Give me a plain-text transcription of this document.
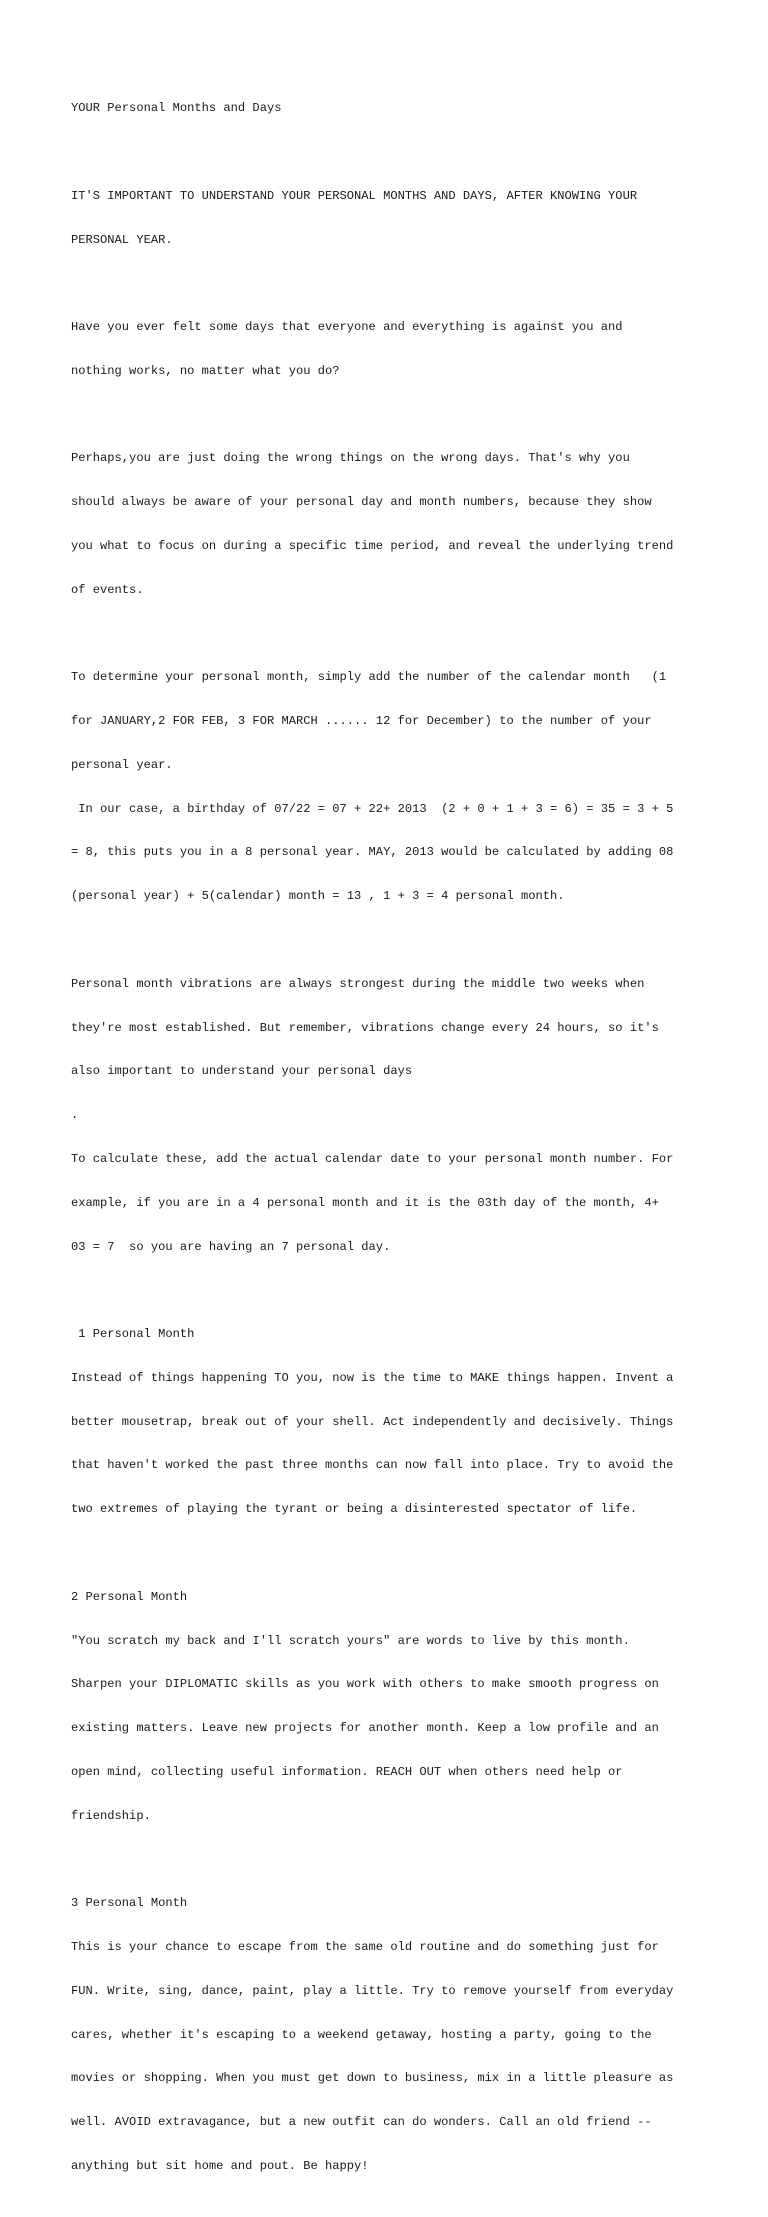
YOUR Personal Months and Days

IT'S IMPORTANT TO UNDERSTAND YOUR PERSONAL MONTHS AND DAYS, AFTER KNOWING YOUR

PERSONAL YEAR.

Have you ever felt some days that everyone and everything is against you and

nothing works, no matter what you do?

Perhaps,you are just doing the wrong things on the wrong days. That's why you

should always be aware of your personal day and month numbers, because they show

you what to focus on during a specific time period, and reveal the underlying trend

of events.

To determine your personal month, simply add the number of the calendar month   (1

for JANUARY,2 FOR FEB, 3 FOR MARCH ...... 12 for December) to the number of your

personal year.

In our case, a birthday of 07/22 = 07 + 22+ 2013  (2 + 0 + 1 + 3 = 6) = 35 = 3 + 5

= 8, this puts you in a 8 personal year. MAY, 2013 would be calculated by adding 08

(personal year) + 5(calendar) month = 13 , 1 + 3 = 4 personal month.

Personal month vibrations are always strongest during the middle two weeks when

they're most established. But remember, vibrations change every 24 hours, so it's

also important to understand your personal days

.

To calculate these, add the actual calendar date to your personal month number. For

example, if you are in a 4 personal month and it is the 03th day of the month, 4+

03 = 7  so you are having an 7 personal day.

1 Personal Month

Instead of things happening TO you, now is the time to MAKE things happen. Invent a

better mousetrap, break out of your shell. Act independently and decisively. Things

that haven't worked the past three months can now fall into place. Try to avoid the

two extremes of playing the tyrant or being a disinterested spectator of life.

2 Personal Month

"You scratch my back and I'll scratch yours" are words to live by this month.

Sharpen your DIPLOMATIC skills as you work with others to make smooth progress on

existing matters. Leave new projects for another month. Keep a low profile and an

open mind, collecting useful information. REACH OUT when others need help or

friendship.

3 Personal Month

This is your chance to escape from the same old routine and do something just for

FUN. Write, sing, dance, paint, play a little. Try to remove yourself from everyday

cares, whether it's escaping to a weekend getaway, hosting a party, going to the

movies or shopping. When you must get down to business, mix in a little pleasure as

well. AVOID extravagance, but a new outfit can do wonders. Call an old friend --

anything but sit home and pout. Be happy!
